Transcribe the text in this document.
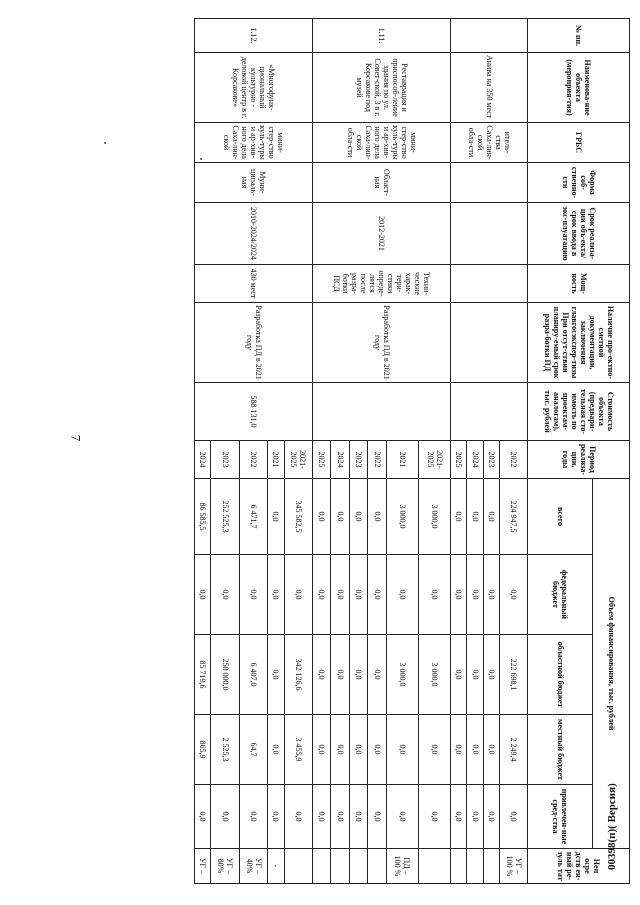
7
00398(п)( Версия)
№ пп.	Наименова-ние объекта (мероприя-тия)	ГРБС	Форма соб-ственно-сти	Срок реализа-ции объ-екта/срок ввода в экс-плуатацию	Мощ-ность	Наличие про-ектно-сметной документации, заключения главгосэкспер-тизы При отсут-ствии планиру-емый срок разра-ботки ПД	Стоимость объекта (предвари-тельная сто-имость по проектам-аналогам), тыс. рублей	Период реализа-ции, годы	Объем финансирования, тыс. рублей					Неп осре дств ен-ный ре-зуль тат
									всего	федеральный бюджет	областной бюджет	местный бюджет	привлечен-ные сред-ства	
	Анива на 350 мест	итель-ства Саха-лин-ской обла-сти						2022	224 947,5	0,0	222 698,1	2 249,4	0,0	УГ – 100 %
								2023	0,0	0,0	0,0	0,0	0,0	
								2024	0,0	0,0	0,0	0,0	0,0	
								2025	0,0	0,0	0,0	0,0	0,0	
1.11.	Реставрация и приспособ-ление здания по ул. Совет-ской, 3 в г. Корсакове под музей	мини-стер-ство куль-туры и ар-хив-ного дела Саха-лин-ской обла-сти	Област-ная	2012-2021	Техни-ческие харак-тери-стики опреде-лятся после разра-ботки ПСД	Разработка ПД в 2021 году		2021-2025	3 000,0	0,0	3 000,0	0,0	0,0	
								2021	3 000,0	0,0	3 000,0	0,0	0,0	ПД – 100 %
								2022	0,0	0,0	0,0	0,0	0,0	
								2023	0,0	0,0	0,0	0,0	0,0	
								2024	0,0	0,0	0,0	0,0	0,0	
								2025	0,0	0,0	0,0	0,0	0,0	
1.12.	«Многофунк-циональный культурно - деловой центр в г. Корсакове»	мини-стер-ство куль-туры и ар-хив-ного дела Саха-лин-ской	Муни-ципаль-ная	2010-2024/2024	430 мест	Разработка ПД в 2021 году	588 131,0	2021-2025	345 582,5	0,0	342 126,6	3 455,9	0,0	
								2021	0,0	0,0	0,0	0,0	0,0	-
								2022	6 471,7	0,0	6 407,0	64,7	0,0	УГ – 40%
								2023	252 525,3	0,0	250 000,0	2 525,3	0,0	УГ – 80%
								2024	86 585,5	0,0	85 719,6	865,9	0,0	УГ –
